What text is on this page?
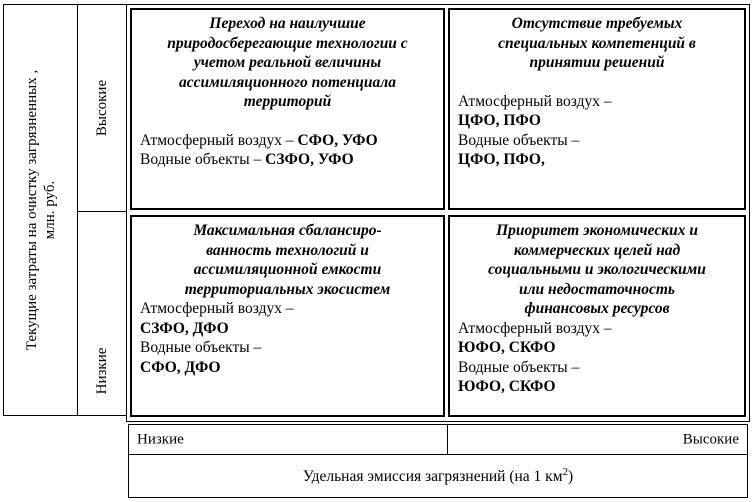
Текущие затраты на очистку загрязненных , млн. руб.
Высокие
Низкие
Переход на наилучшие
природосберегающие технологии с
учетом реальной величины
ассимиляционного потенциала
территорий
Атмосферный воздух – СФО, УФО
Водные объекты – СЗФО, УФО
Отсутствие требуемых
специальных компетенций в
принятии решений
Атмосферный воздух –
ЦФО, ПФО
Водные объекты –
ЦФО, ПФО,
Максимальная сбалансиро-
ванность технологий и
ассимиляционной емкости
территориальных экосистем
Атмосферный воздух –
СЗФО, ДФО
Водные объекты –
СФО, ДФО
Приоритет экономических и
коммерческих целей над
социальными и экологическими
или недостаточность
финансовых ресурсов
Атмосферный воздух –
ЮФО, СКФО
Водные объекты –
ЮФО, СКФО
Низкие	Высокие
Удельная эмиссия загрязнений (на 1 $км^2$)
